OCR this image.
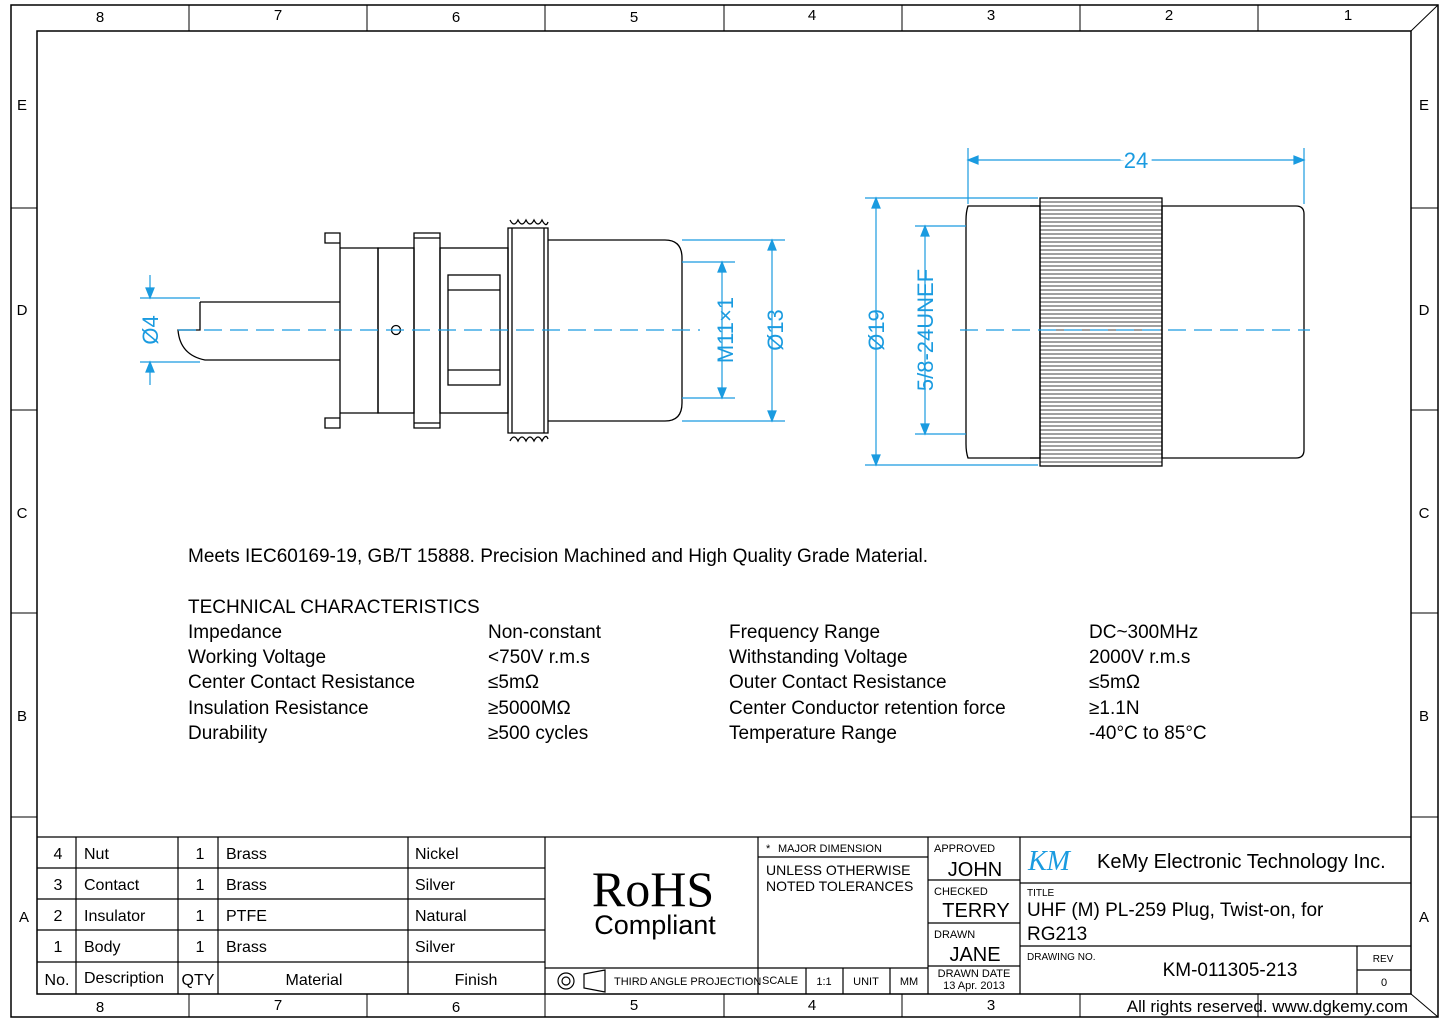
8	7	6	5	4	3	2	1
8	7	6	5	4	3
E
D
C
B
A
E
D
C
B
A
Ø4	M11×1 Ø13
24
Ø19 5/8-24UNEF
Meets IEC60169-19, GB/T 15888. Precision Machined and High Quality Grade Material.
TECHNICAL CHARACTERISTICS
Impedance	Non-constant	Frequency Range	DC~300MHz
Working Voltage	<750V r.m.s	Withstanding Voltage	2000V r.m.s
Center Contact Resistance	≤5mΩ	Outer Contact Resistance	≤5mΩ
Insulation Resistance	≥5000MΩ	Center Conductor retention force	≥1.1N
Durability	≥500 cycles	Temperature Range	-40°C to 85°C
4 Nut	1 Brass	Nickel
3 Contact	1 Brass	Silver
2 Insulator	1 PTFE	Natural
1 Body	1 Brass	Silver
No. Description QTY	Material	Finish
RoHS
Compliant
THIRD ANGLE PROJECTION SCALE 1:1 UNIT MM
* MAJOR DIMENSION
UNLESS OTHERWISE
NOTED TOLERANCES
APPROVED
JOHN
CHECKED
TERRY
DRAWN
JANE
DRAWN DATE
13 Apr. 2013
KM KeMy Electronic Technology Inc.
TITLE
UHF (M) PL-259 Plug, Twist-on, for
RG213
DRAWING NO.
KM-011305-213
REV
0
All rights reserved. www.dgkemy.com
